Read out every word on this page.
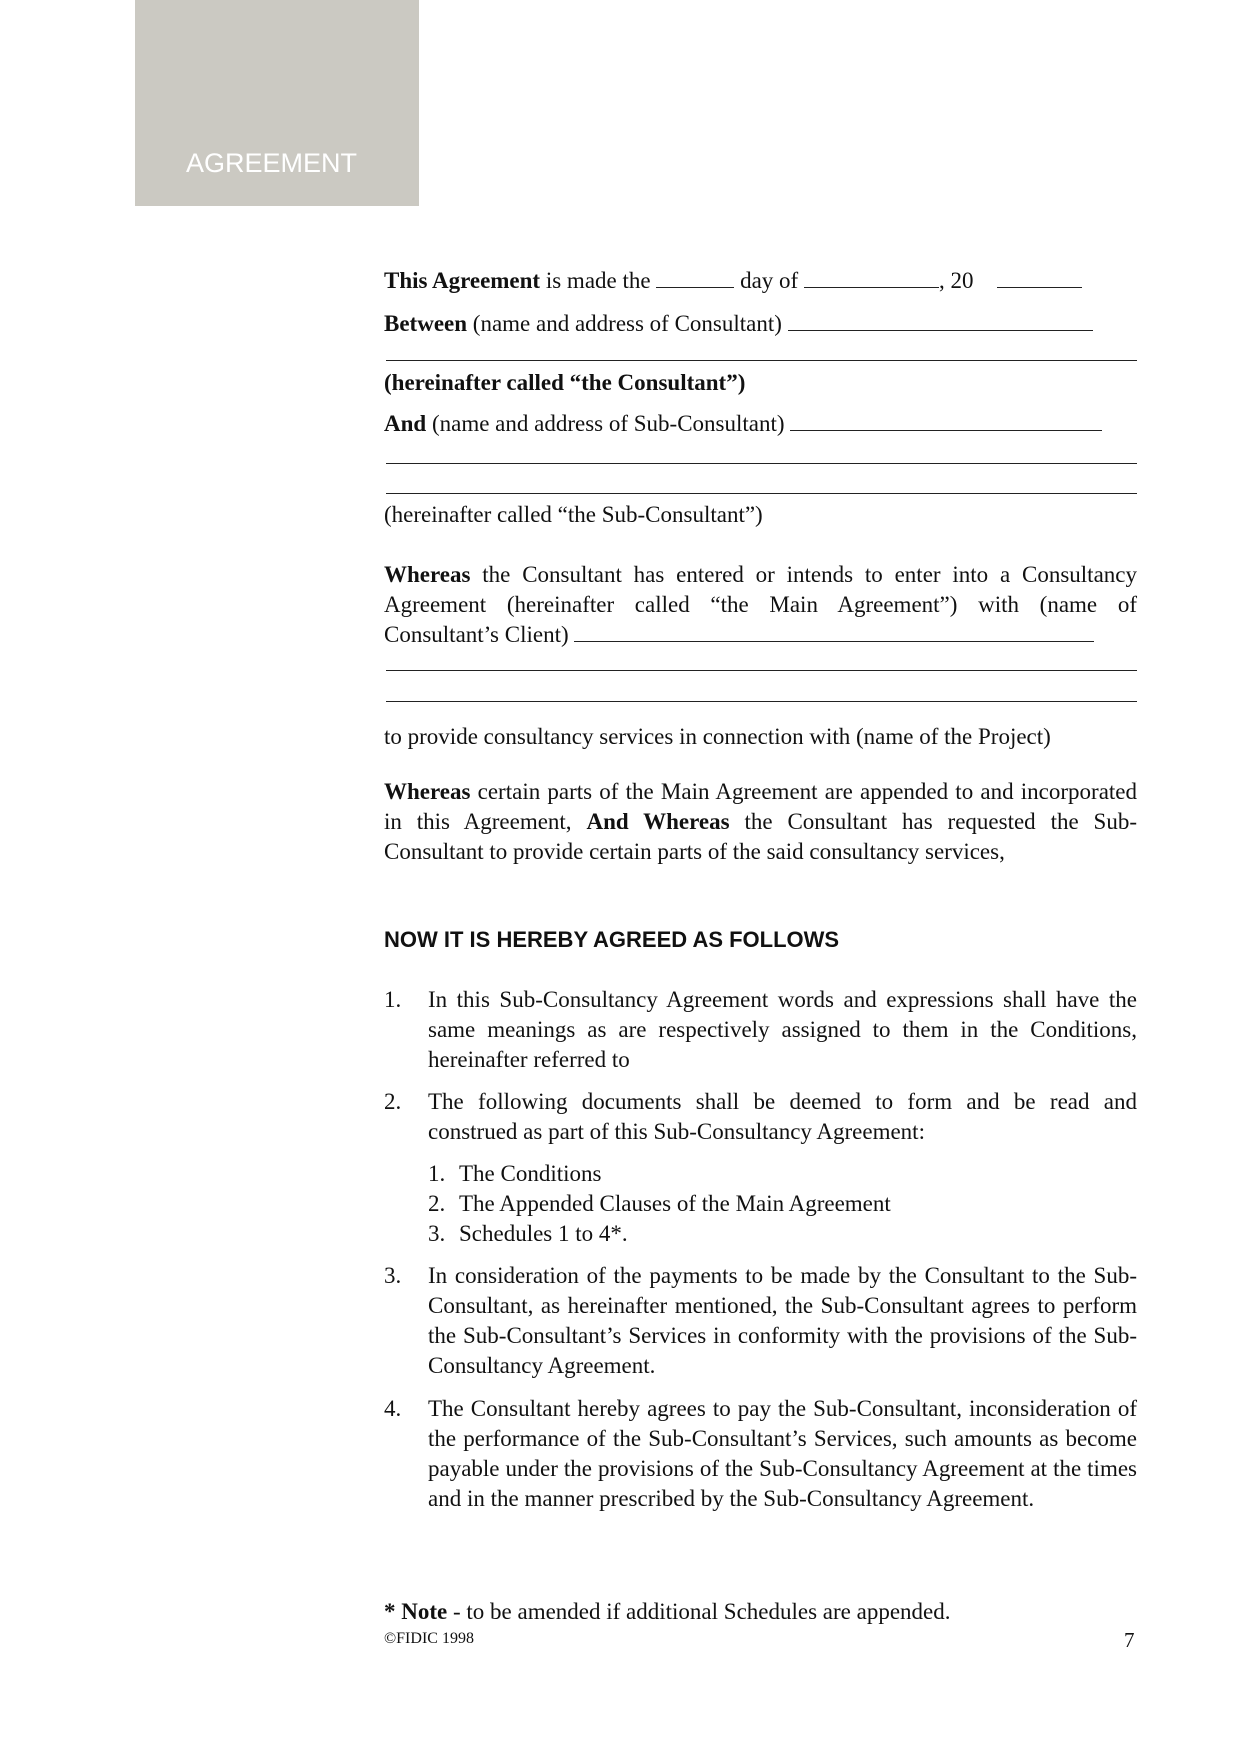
AGREEMENT
This Agreement is made the	day of	, 20
Between (name and address of Consultant)
(hereinafter called “the Consultant”)
And (name and address of Sub-Consultant)
(hereinafter called “the Sub-Consultant”)
Whereas the Consultant has entered or intends to enter into a Consultancy Agreement (hereinafter called “the Main Agreement”) with (name of Consultant’s Client)
to provide consultancy services in connection with (name of the Project)
Whereas certain parts of the Main Agreement are appended to and incorporated in this Agreement, And Whereas the Consultant has requested the Sub-Consultant to provide certain parts of the said consultancy services,
NOW IT IS HEREBY AGREED AS FOLLOWS
1. In this Sub-Consultancy Agreement words and expressions shall have the same meanings as are respectively assigned to them in the Conditions, hereinafter referred to
2. The following documents shall be deemed to form and be read and construed as part of this Sub-Consultancy Agreement:
1. The Conditions
2. The Appended Clauses of the Main Agreement
3. Schedules 1 to 4*.
3. In consideration of the payments to be made by the Consultant to the Sub-Consultant, as hereinafter mentioned, the Sub-Consultant agrees to perform the Sub-Consultant’s Services in conformity with the provisions of the Sub-Consultancy Agreement.
4. The Consultant hereby agrees to pay the Sub-Consultant, inconsideration of the performance of the Sub-Consultant’s Services, such amounts as become payable under the provisions of the Sub-Consultancy Agreement at the times and in the manner prescribed by the Sub-Consultancy Agreement.
* Note - to be amended if additional Schedules are appended.
©FIDIC 1998	7
